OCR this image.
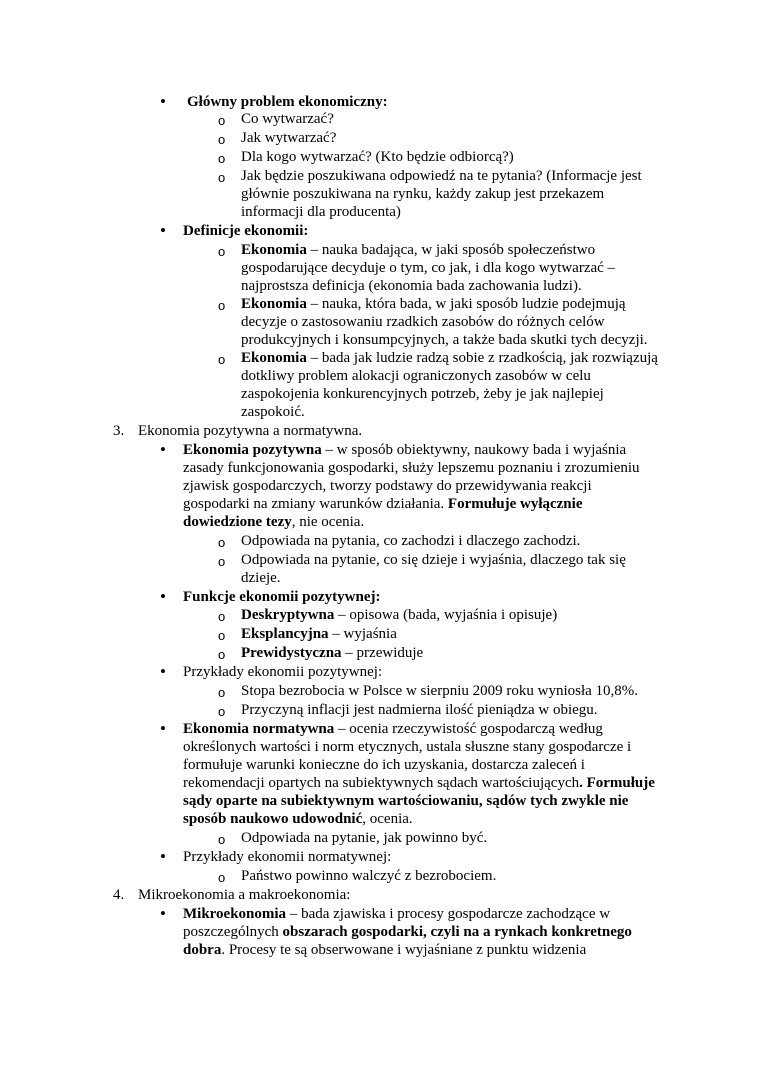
• Główny problem ekonomiczny:
o Co wytwarzać?
o Jak wytwarzać?
o Dla kogo wytwarzać? (Kto będzie odbiorcą?)
o Jak będzie poszukiwana odpowiedź na te pytania? (Informacje jest
głównie poszukiwana na rynku, każdy zakup jest przekazem
informacji dla producenta)
• Definicje ekonomii:
o Ekonomia – nauka badająca, w jaki sposób społeczeństwo
gospodarujące decyduje o tym, co jak, i dla kogo wytwarzać –
najprostsza definicja (ekonomia bada zachowania ludzi).
o Ekonomia – nauka, która bada, w jaki sposób ludzie podejmują
decyzje o zastosowaniu rzadkich zasobów do różnych celów
produkcyjnych i konsumpcyjnych, a także bada skutki tych decyzji.
o Ekonomia – bada jak ludzie radzą sobie z rzadkością, jak rozwiązują
dotkliwy problem alokacji ograniczonych zasobów w celu
zaspokojenia konkurencyjnych potrzeb, żeby je jak najlepiej
zaspokoić.
3. Ekonomia pozytywna a normatywna.
• Ekonomia pozytywna – w sposób obiektywny, naukowy bada i wyjaśnia
zasady funkcjonowania gospodarki, służy lepszemu poznaniu i zrozumieniu
zjawisk gospodarczych, tworzy podstawy do przewidywania reakcji
gospodarki na zmiany warunków działania. Formułuje wyłącznie
dowiedzione tezy, nie ocenia.
o Odpowiada na pytania, co zachodzi i dlaczego zachodzi.
o Odpowiada na pytanie, co się dzieje i wyjaśnia, dlaczego tak się
dzieje.
• Funkcje ekonomii pozytywnej:
o Deskryptywna – opisowa (bada, wyjaśnia i opisuje)
o Eksplancyjna – wyjaśnia
o Prewidystyczna – przewiduje
• Przykłady ekonomii pozytywnej:
o Stopa bezrobocia w Polsce w sierpniu 2009 roku wyniosła 10,8%.
o Przyczyną inflacji jest nadmierna ilość pieniądza w obiegu.
• Ekonomia normatywna – ocenia rzeczywistość gospodarczą według
określonych wartości i norm etycznych, ustala słuszne stany gospodarcze i
formułuje warunki konieczne do ich uzyskania, dostarcza zaleceń i
rekomendacji opartych na subiektywnych sądach wartościujących. Formułuje
sądy oparte na subiektywnym wartościowaniu, sądów tych zwykle nie
sposób naukowo udowodnić, ocenia.
o Odpowiada na pytanie, jak powinno być.
• Przykłady ekonomii normatywnej:
o Państwo powinno walczyć z bezrobociem.
4. Mikroekonomia a makroekonomia:
• Mikroekonomia – bada zjawiska i procesy gospodarcze zachodzące w
poszczególnych obszarach gospodarki, czyli na a rynkach konkretnego
dobra. Procesy te są obserwowane i wyjaśniane z punktu widzenia
